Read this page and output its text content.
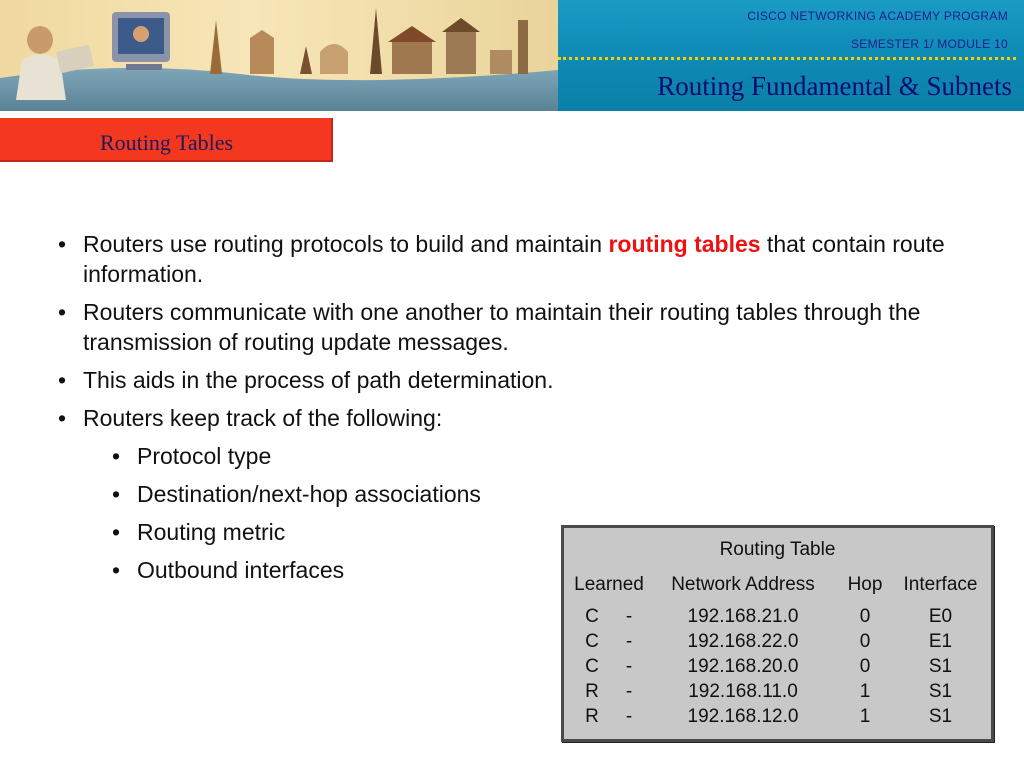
CISCO NETWORKING ACADEMY PROGRAM
SEMESTER 1/ MODULE 10
Routing Fundamental & Subnets
Routing Tables
• Routers use routing protocols to build and maintain routing tables that contain route information.
• Routers communicate with one another to maintain their routing tables through the transmission of routing update messages.
• This aids in the process of path determination.
• Routers keep track of the following:
• Protocol type
• Destination/next-hop associations
• Routing metric
• Outbound interfaces
Routing Table
Learned	Network Address	Hop	Interface
C -	192.168.21.0	0	E0
C -	192.168.22.0	0	E1
C -	192.168.20.0	0	S1
R -	192.168.11.0	1	S1
R -	192.168.12.0	1	S1
